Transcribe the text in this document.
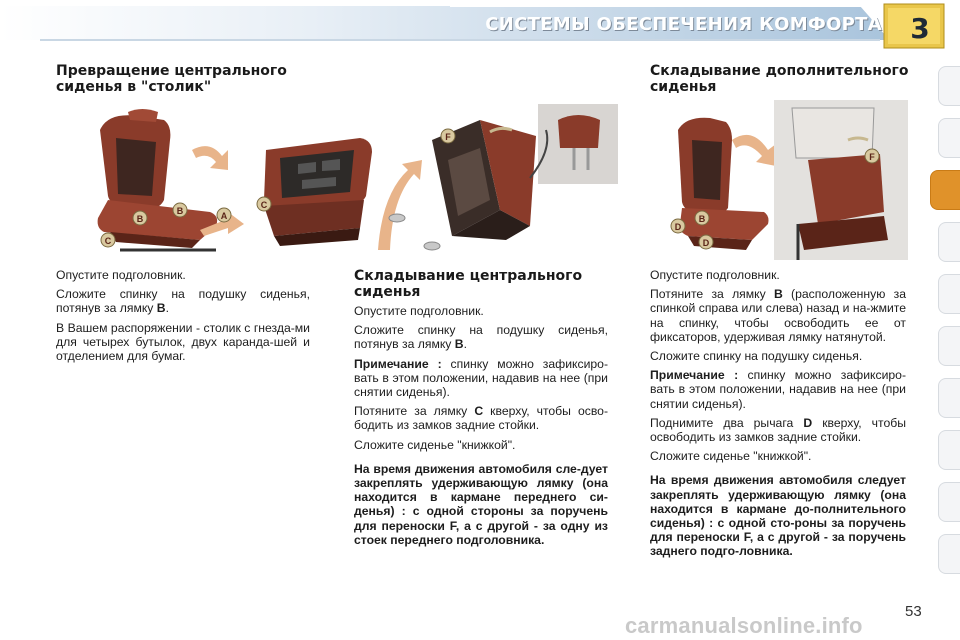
СИСТЕМЫ ОБЕСПЕЧЕНИЯ КОМФОРТА	3
Превращение центрального
сиденья в "столик"
Складывание дополнительного
сиденья
A
B
B
C
C
F
B
D
D
F

Опустите подголовник.

Сложите спинку на подушку сиденья, потянув за лямку B.

В Вашем распоряжении - столик с гнезда-ми для четырех бутылок, двух каранда-шей и отделением для бумаг.

Складывание центрального
сиденья

Опустите подголовник.

Сложите спинку на подушку сиденья, потянув за лямку B.

Примечание : спинку можно зафиксиро-вать в этом положении, надавив на нее (при снятии сиденья).

Потяните за лямку C кверху, чтобы осво-бодить из замков задние стойки.

Сложите сиденье "книжкой".

На время движения автомобиля сле-дует закреплять удерживающую лямку (она находится в кармане переднего си-денья) : с одной стороны за поручень для переноски F, а с другой - за одну из стоек переднего подголовника.

Опустите подголовник.

Потяните за лямку B (расположенную за спинкой справа или слева) назад и на-жмите на спинку, чтобы освободить ее от фиксаторов, удерживая лямку натянутой.

Сложите спинку на подушку сиденья.

Примечание : спинку можно зафиксиро-вать в этом положении, надавив на нее (при снятии сиденья).

Поднимите два рычага D кверху, чтобы освободить из замков задние стойки.

Сложите сиденье "книжкой".

На время движения автомобиля следует закреплять удерживающую лямку (она находится в кармане до-полнительного сиденья) : с одной сто-роны за поручень для переноски F, а с другой - за поручень заднего подго-ловника.

carmanualsonline.info
53
